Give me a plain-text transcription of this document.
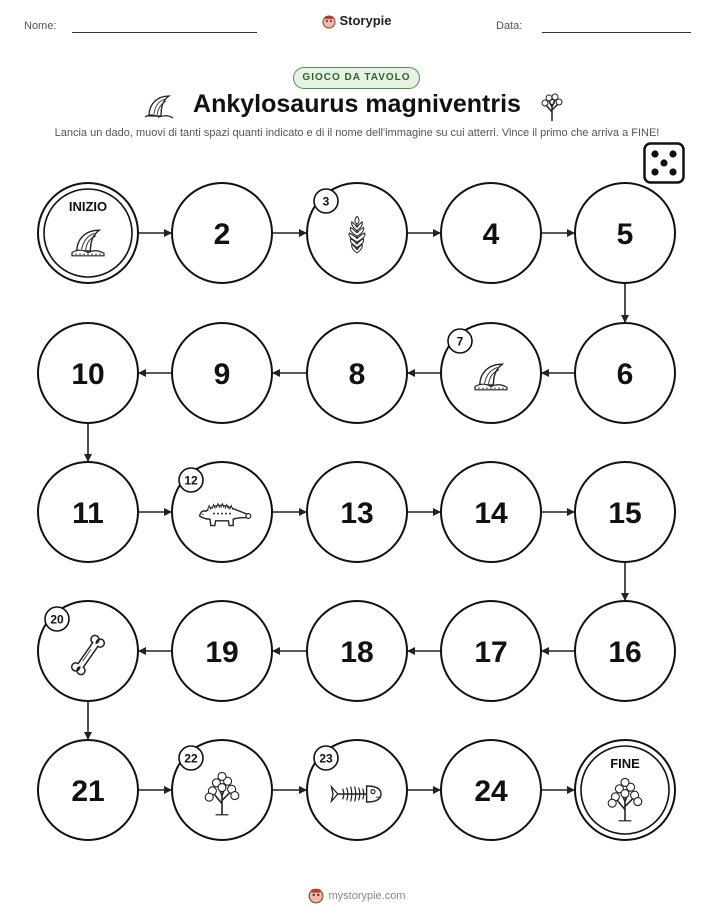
Nome:	Storypie	Data:
GIOCO DA TAVOLO
Ankylosaurus magniventris
Lancia un dado, muovi di tanti spazi quanti indicato e di il nome dell'immagine su cui atterri. Vince il primo che arriva a FINE!
INIZIO
2
3
4	5
6
7
8
9
10
11
12
13	14	15
16
17
18
19
20
21
22	23
24
FINE
mystorypie.com
